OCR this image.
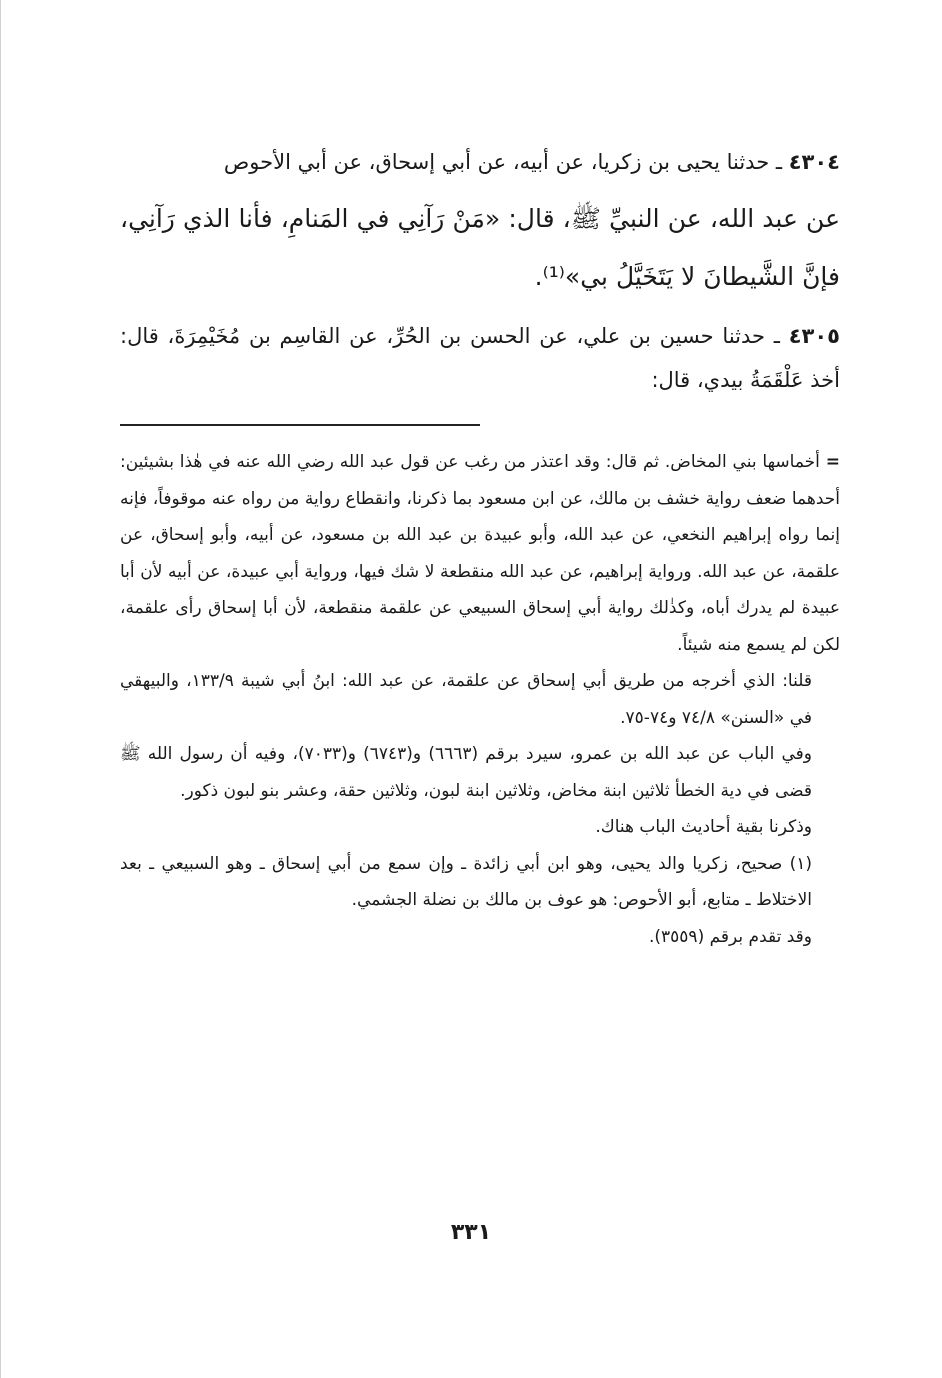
٤٣٠٤ ـ حدثنا يحيى بن زكريا، عن أبيه، عن أبي إسحاق، عن أبي الأحوص

عن عبد الله، عن النبيِّ ﷺ، قال: «مَنْ رَآنِي في المَنامِ، فأنا الذي رَآنِي، فإنَّ الشَّيطانَ لا يَتَخَيَّلُ بي»⁽¹⁾.

٤٣٠٥ ـ حدثنا حسين بن علي، عن الحسن بن الحُرِّ، عن القاسِم بن مُخَيْمِرَةَ، قال: أخذ عَلْقَمَةُ بيدي، قال:

= أخماسها بني المخاض. ثم قال: وقد اعتذر من رغب عن قول عبد الله رضي الله عنه في هٰذا بشيئين: أحدهما ضعف رواية خشف بن مالك، عن ابن مسعود بما ذكرنا، وانقطاع رواية من رواه عنه موقوفاً، فإنه إنما رواه إبراهيم النخعي، عن عبد الله، وأبو عبيدة بن عبد الله بن مسعود، عن أبيه، وأبو إسحاق، عن علقمة، عن عبد الله. ورواية إبراهيم، عن عبد الله منقطعة لا شك فيها، ورواية أبي عبيدة، عن أبيه لأن أبا عبيدة لم يدرك أباه، وكذٰلك رواية أبي إسحاق السبيعي عن علقمة منقطعة، لأن أبا إسحاق رأى علقمة، لكن لم يسمع منه شيئاً.

قلنا: الذي أخرجه من طريق أبي إسحاق عن علقمة، عن عبد الله: ابنُ أبي شيبة ١٣٣/٩، والبيهقي في «السنن» ٧٤/٨ و٧٤-٧٥.

وفي الباب عن عبد الله بن عمرو، سيرد برقم (٦٦٦٣) و(٦٧٤٣) و(٧٠٣٣)، وفيه أن رسول الله ﷺ قضى في دية الخطأ ثلاثين ابنة مخاض، وثلاثين ابنة لبون، وثلاثين حقة، وعشر بنو لبون ذكور.

وذكرنا بقية أحاديث الباب هناك.

(١) صحيح، زكريا والد يحيى، وهو ابن أبي زائدة ـ وإن سمع من أبي إسحاق ـ وهو السبيعي ـ بعد الاختلاط ـ متابع، أبو الأحوص: هو عوف بن مالك بن نضلة الجشمي.

وقد تقدم برقم (٣٥٥٩).

٣٣١
